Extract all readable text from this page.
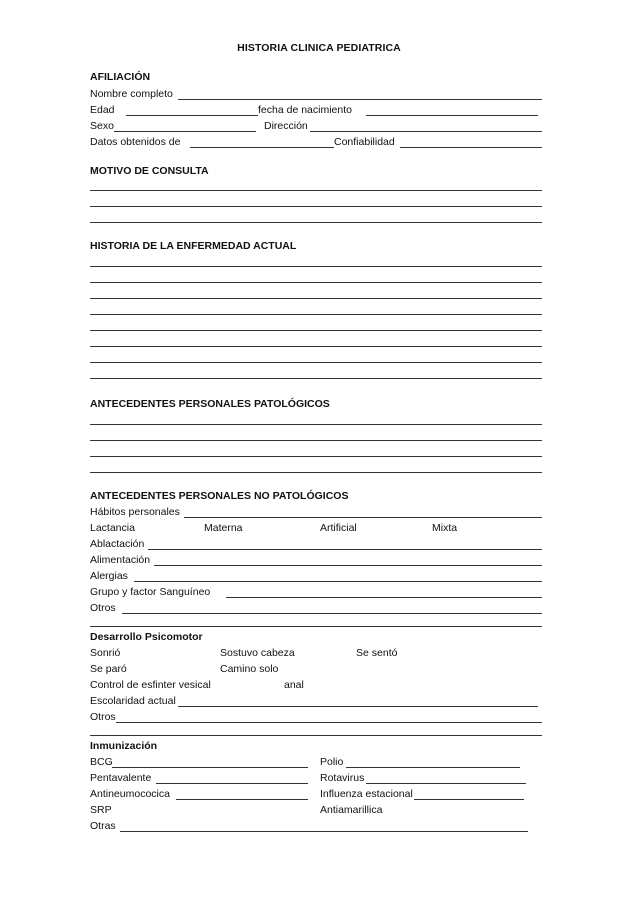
HISTORIA CLINICA PEDIATRICA
AFILIACIÓN
Nombre completo
Edad	fecha de nacimiento
Sexo	Dirección
Datos obtenidos de	Confiabilidad
MOTIVO DE CONSULTA
HISTORIA DE LA ENFERMEDAD ACTUAL
ANTECEDENTES PERSONALES PATOLÓGICOS
ANTECEDENTES PERSONALES NO PATOLÓGICOS
Hábitos personales
Lactancia	Materna	Artificial	Mixta
Ablactación
Alimentación
Alergias
Grupo y factor Sanguíneo
Otros
Desarrollo Psicomotor
Sonrió	Sostuvo cabeza	Se sentó
Se paró	Camino solo
Control de esfinter vesical	anal
Escolaridad actual
Otros
Inmunización
BCG	Polio
Pentavalente	Rotavirus
Antineumococica	Influenza estacional
SRP	Antiamarillica
Otras
